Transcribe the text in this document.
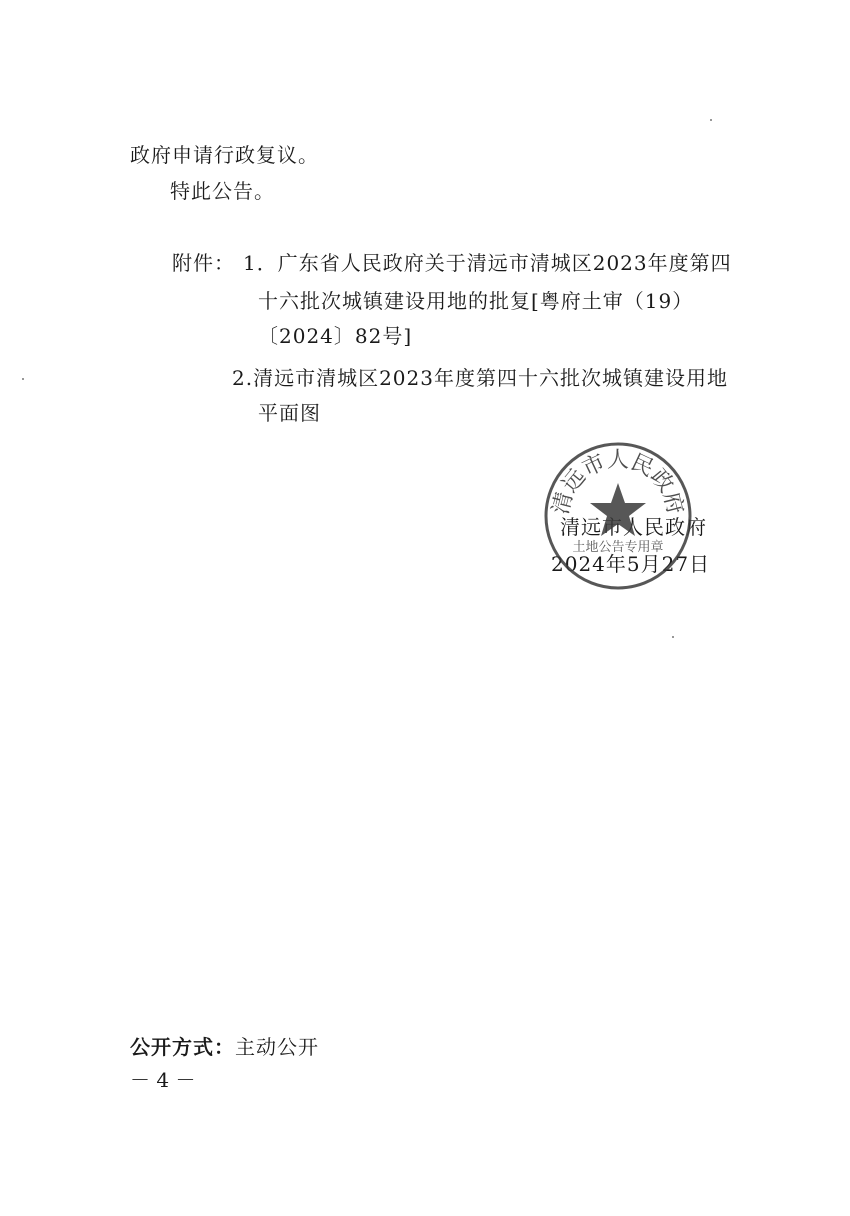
政府申请行政复议。
特此公告。
附件： 1．广东省人民政府关于清远市清城区2023年度第四
十六批次城镇建设用地的批复[粤府土审（19）
〔2024〕82号]
2.清远市清城区2023年度第四十六批次城镇建设用地
平面图
清远市人民政府
2024年5月27日
清远市人民政府
土地公告专用章
公开方式：主动公开
－ 4 －
